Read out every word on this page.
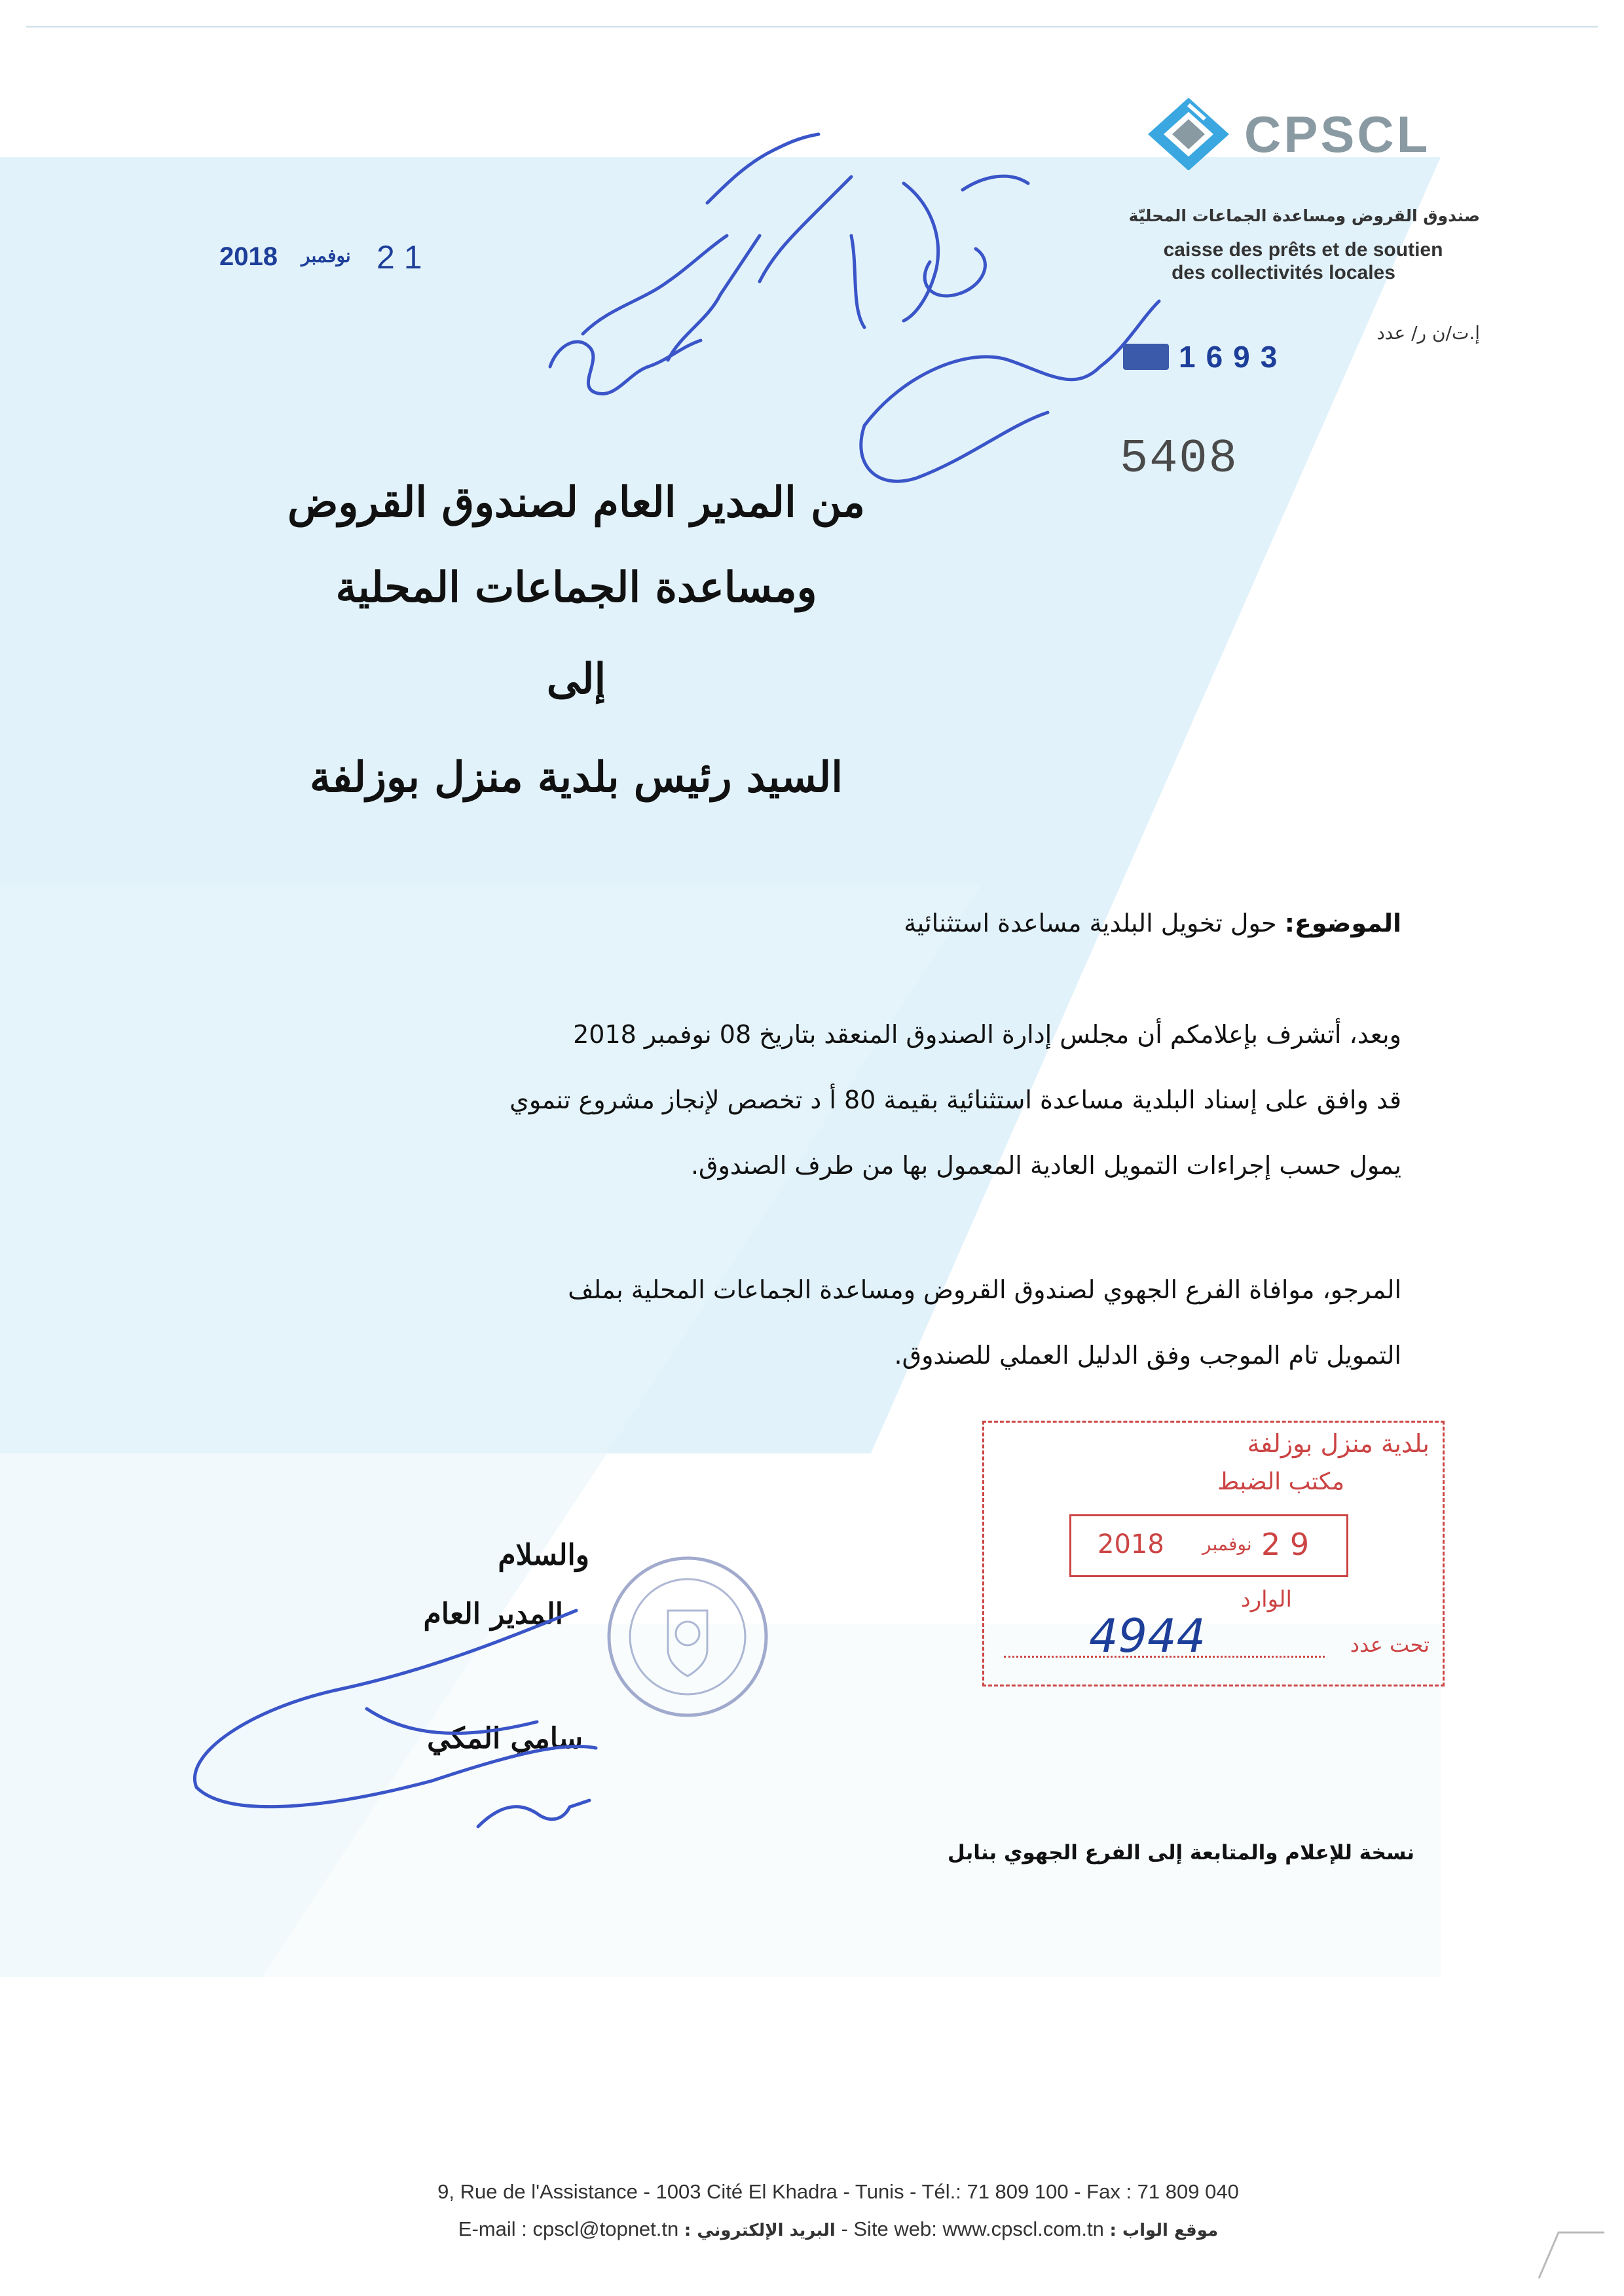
CPSCL
صندوق القروض ومساعدة الجماعات المحليّة
caisse des prêts et de soutien
des collectivités locales
إ.ت/ن ر/ عدد
1693
5408
2018 نوفمبر 2 1
من المدير العام لصندوق القروض
ومساعدة الجماعات المحلية
إلى
السيد رئيس بلدية منزل بوزلفة
الموضوع: حول تخويل البلدية مساعدة استثنائية
وبعد، أتشرف بإعلامكم أن مجلس إدارة الصندوق المنعقد بتاريخ 08 نوفمبر 2018
قد وافق على إسناد البلدية مساعدة استثنائية بقيمة 80 أ د تخصص لإنجاز مشروع تنموي
يمول حسب إجراءات التمويل العادية المعمول بها من طرف الصندوق.
المرجو، موافاة الفرع الجهوي لصندوق القروض ومساعدة الجماعات المحلية بملف
التمويل تام الموجب وفق الدليل العملي للصندوق.
بلدية منزل بوزلفة
مكتب الضبط
2018 نوفمبر 2 9
الوارد
تحت عدد
4944
والسلام
المدير العام
سامي المكي
نسخة للإعلام والمتابعة إلى الفرع الجهوي بنابل
9, Rue de l'Assistance - 1003 Cité El Khadra - Tunis - Tél.: 71 809 100 - Fax : 71 809 040
E-mail : cpscl@topnet.tn : البريد الإلكتروني - Site web: www.cpscl.com.tn : موقع الواب
